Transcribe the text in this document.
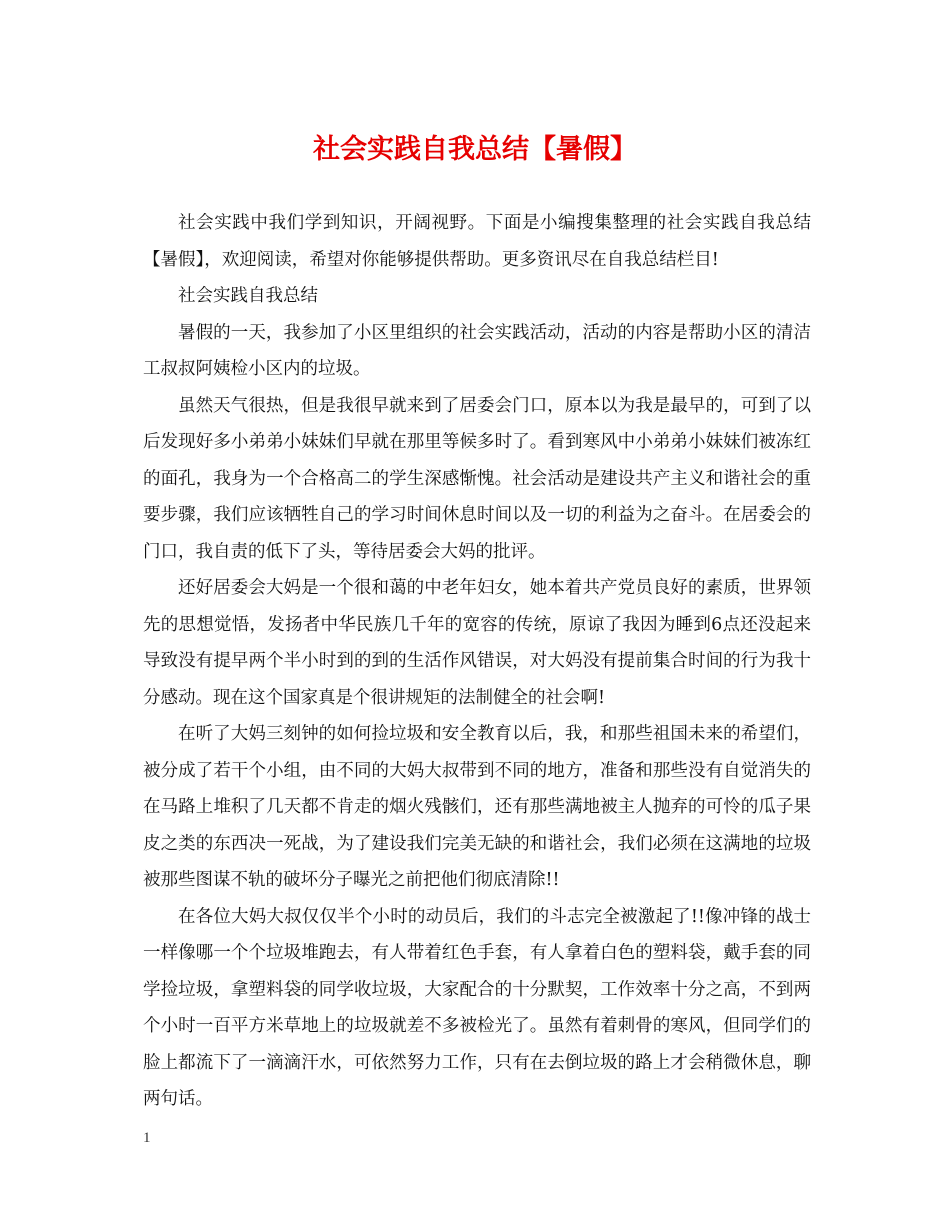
社会实践自我总结【暑假】

社会实践中我们学到知识，开阔视野。下面是小编搜集整理的社会实践自我总结【暑假】，欢迎阅读，希望对你能够提供帮助。更多资讯尽在自我总结栏目!

社会实践自我总结

暑假的一天，我参加了小区里组织的社会实践活动，活动的内容是帮助小区的清洁工叔叔阿姨检小区内的垃圾。

虽然天气很热，但是我很早就来到了居委会门口，原本以为我是最早的，可到了以后发现好多小弟弟小妹妹们早就在那里等候多时了。看到寒风中小弟弟小妹妹们被冻红的面孔，我身为一个合格高二的学生深感惭愧。社会活动是建设共产主义和谐社会的重要步骤，我们应该牺牲自己的学习时间休息时间以及一切的利益为之奋斗。在居委会的门口，我自责的低下了头，等待居委会大妈的批评。

还好居委会大妈是一个很和蔼的中老年妇女，她本着共产党员良好的素质，世界领先的思想觉悟，发扬者中华民族几千年的宽容的传统，原谅了我因为睡到6点还没起来导致没有提早两个半小时到的到的生活作风错误，对大妈没有提前集合时间的行为我十分感动。现在这个国家真是个很讲规矩的法制健全的社会啊!

在听了大妈三刻钟的如何捡垃圾和安全教育以后，我，和那些祖国未来的希望们，被分成了若干个小组，由不同的大妈大叔带到不同的地方，准备和那些没有自觉消失的在马路上堆积了几天都不肯走的烟火残骸们，还有那些满地被主人抛弃的可怜的瓜子果皮之类的东西决一死战，为了建设我们完美无缺的和谐社会，我们必须在这满地的垃圾被那些图谋不轨的破坏分子曝光之前把他们彻底清除!!

在各位大妈大叔仅仅半个小时的动员后，我们的斗志完全被激起了!!像冲锋的战士一样像哪一个个垃圾堆跑去，有人带着红色手套，有人拿着白色的塑料袋，戴手套的同学捡垃圾，拿塑料袋的同学收垃圾，大家配合的十分默契，工作效率十分之高，不到两个小时一百平方米草地上的垃圾就差不多被检光了。虽然有着刺骨的寒风，但同学们的脸上都流下了一滴滴汗水，可依然努力工作，只有在去倒垃圾的路上才会稍微休息，聊两句话。

1
